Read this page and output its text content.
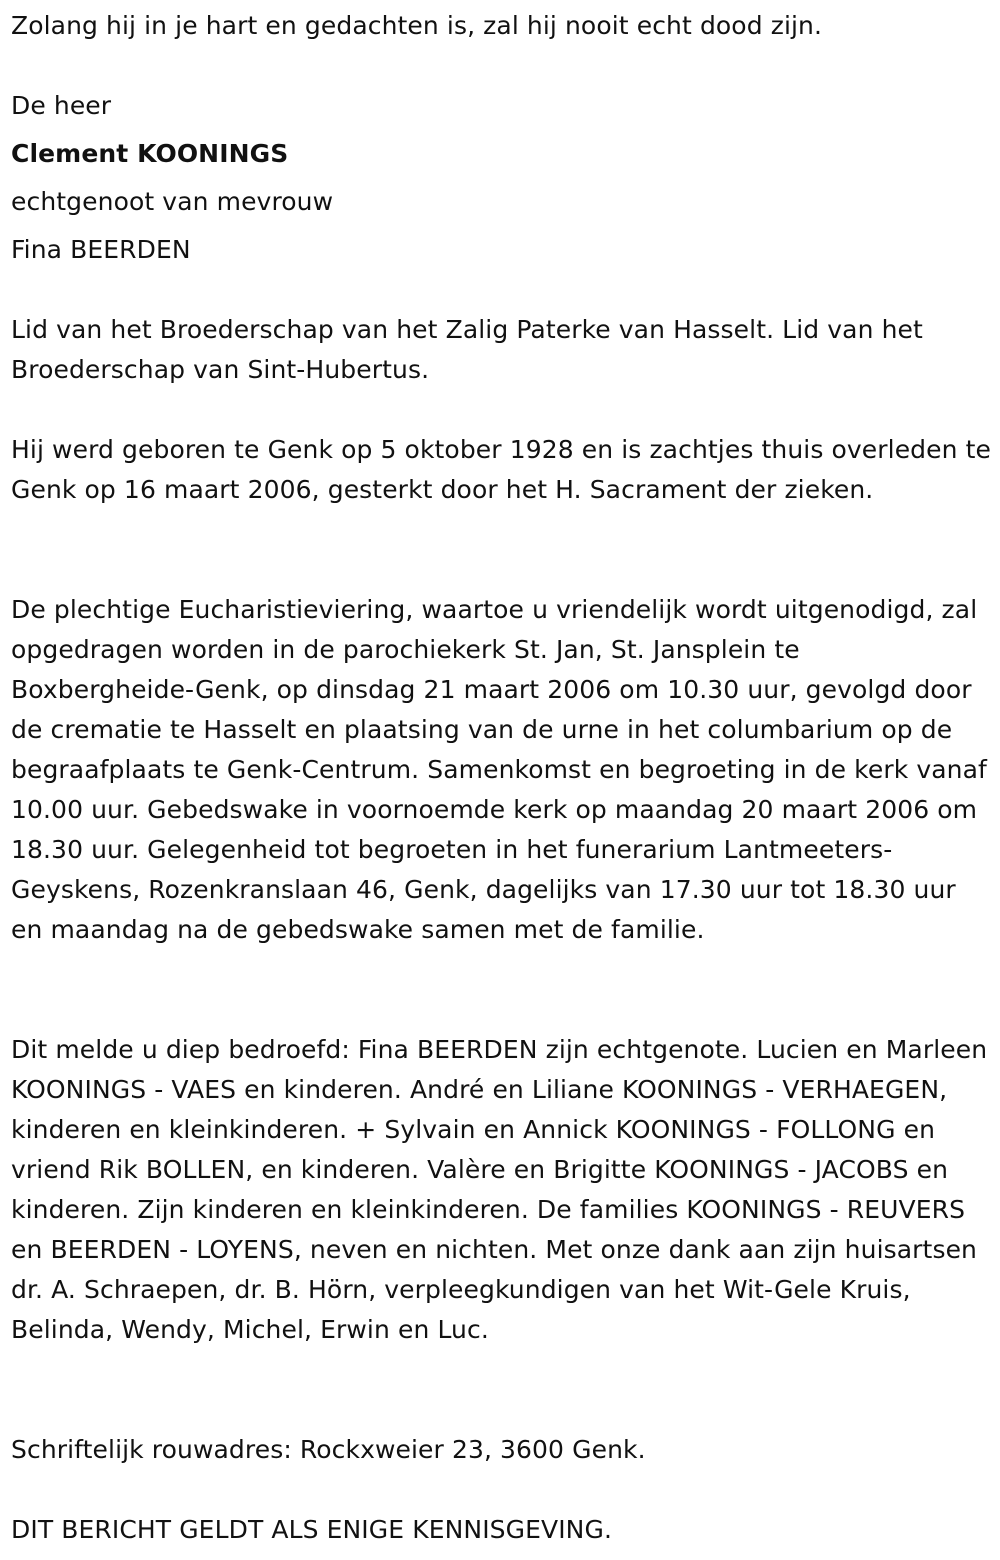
Zolang hij in je hart en gedachten is, zal hij nooit echt dood zijn.
De heer
Clement KOONINGS
echtgenoot van mevrouw
Fina BEERDEN

Lid van het Broederschap van het Zalig Paterke van Hasselt. Lid van het Broederschap van Sint-Hubertus.

Hij werd geboren te Genk op 5 oktober 1928 en is zachtjes thuis overleden te Genk op 16 maart 2006, gesterkt door het H. Sacrament der zieken.

De plechtige Eucharistieviering, waartoe u vriendelijk wordt uitgenodigd, zal opgedragen worden in de parochiekerk St. Jan, St. Jansplein te Boxbergheide-Genk, op dinsdag 21 maart 2006 om 10.30 uur, gevolgd door de crematie te Hasselt en plaatsing van de urne in het columbarium op de begraafplaats te Genk-Centrum. Samenkomst en begroeting in de kerk vanaf 10.00 uur. Gebedswake in voornoemde kerk op maandag 20 maart 2006 om 18.30 uur. Gelegenheid tot begroeten in het funerarium Lantmeeters-Geyskens, Rozenkranslaan 46, Genk, dagelijks van 17.30 uur tot 18.30 uur en maandag na de gebedswake samen met de familie.

Dit melde u diep bedroefd: Fina BEERDEN zijn echtgenote. Lucien en Marleen KOONINGS - VAES en kinderen. André en Liliane KOONINGS - VERHAEGEN, kinderen en kleinkinderen. + Sylvain en Annick KOONINGS - FOLLONG en vriend Rik BOLLEN, en kinderen. Valère en Brigitte KOONINGS - JACOBS en kinderen. Zijn kinderen en kleinkinderen. De families KOONINGS - REUVERS en BEERDEN - LOYENS, neven en nichten. Met onze dank aan zijn huisartsen dr. A. Schraepen, dr. B. Hörn, verpleegkundigen van het Wit-Gele Kruis, Belinda, Wendy, Michel, Erwin en Luc.

Schriftelijk rouwadres: Rockxweier 23, 3600 Genk.
DIT BERICHT GELDT ALS ENIGE KENNISGEVING.
